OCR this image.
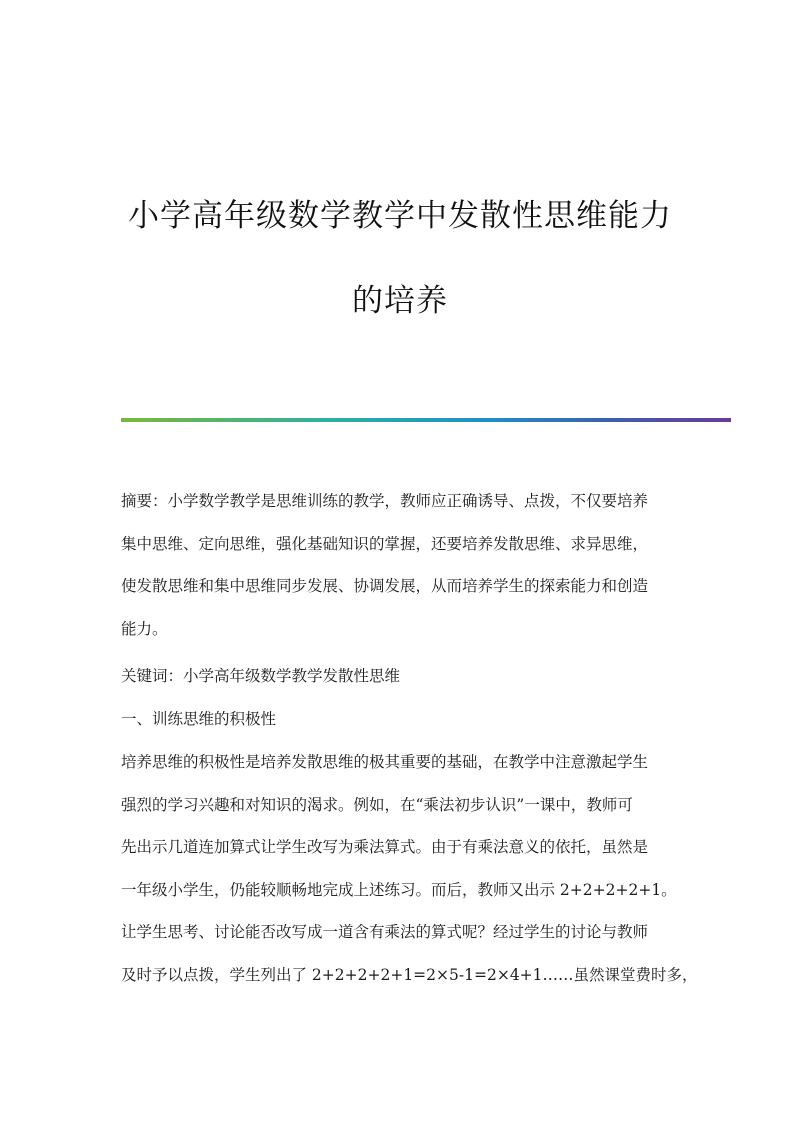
小学高年级数学教学中发散性思维能力
的培养
摘要：小学数学教学是思维训练的教学，教师应正确诱导、点拨，不仅要培养
集中思维、定向思维，强化基础知识的掌握，还要培养发散思维、求异思维，
使发散思维和集中思维同步发展、协调发展，从而培养学生的探索能力和创造
能力。
关键词：小学高年级数学教学发散性思维
一、训练思维的积极性
培养思维的积极性是培养发散思维的极其重要的基础，在教学中注意激起学生
强烈的学习兴趣和对知识的渴求。例如，在“乘法初步认识”一课中，教师可
先出示几道连加算式让学生改写为乘法算式。由于有乘法意义的依托，虽然是
一年级小学生，仍能较顺畅地完成上述练习。而后，教师又出示 2+2+2+2+1。
让学生思考、讨论能否改写成一道含有乘法的算式呢？经过学生的讨论与教师
及时予以点拨，学生列出了 2+2+2+2+1=2×5-1=2×4+1……虽然课堂费时多，
